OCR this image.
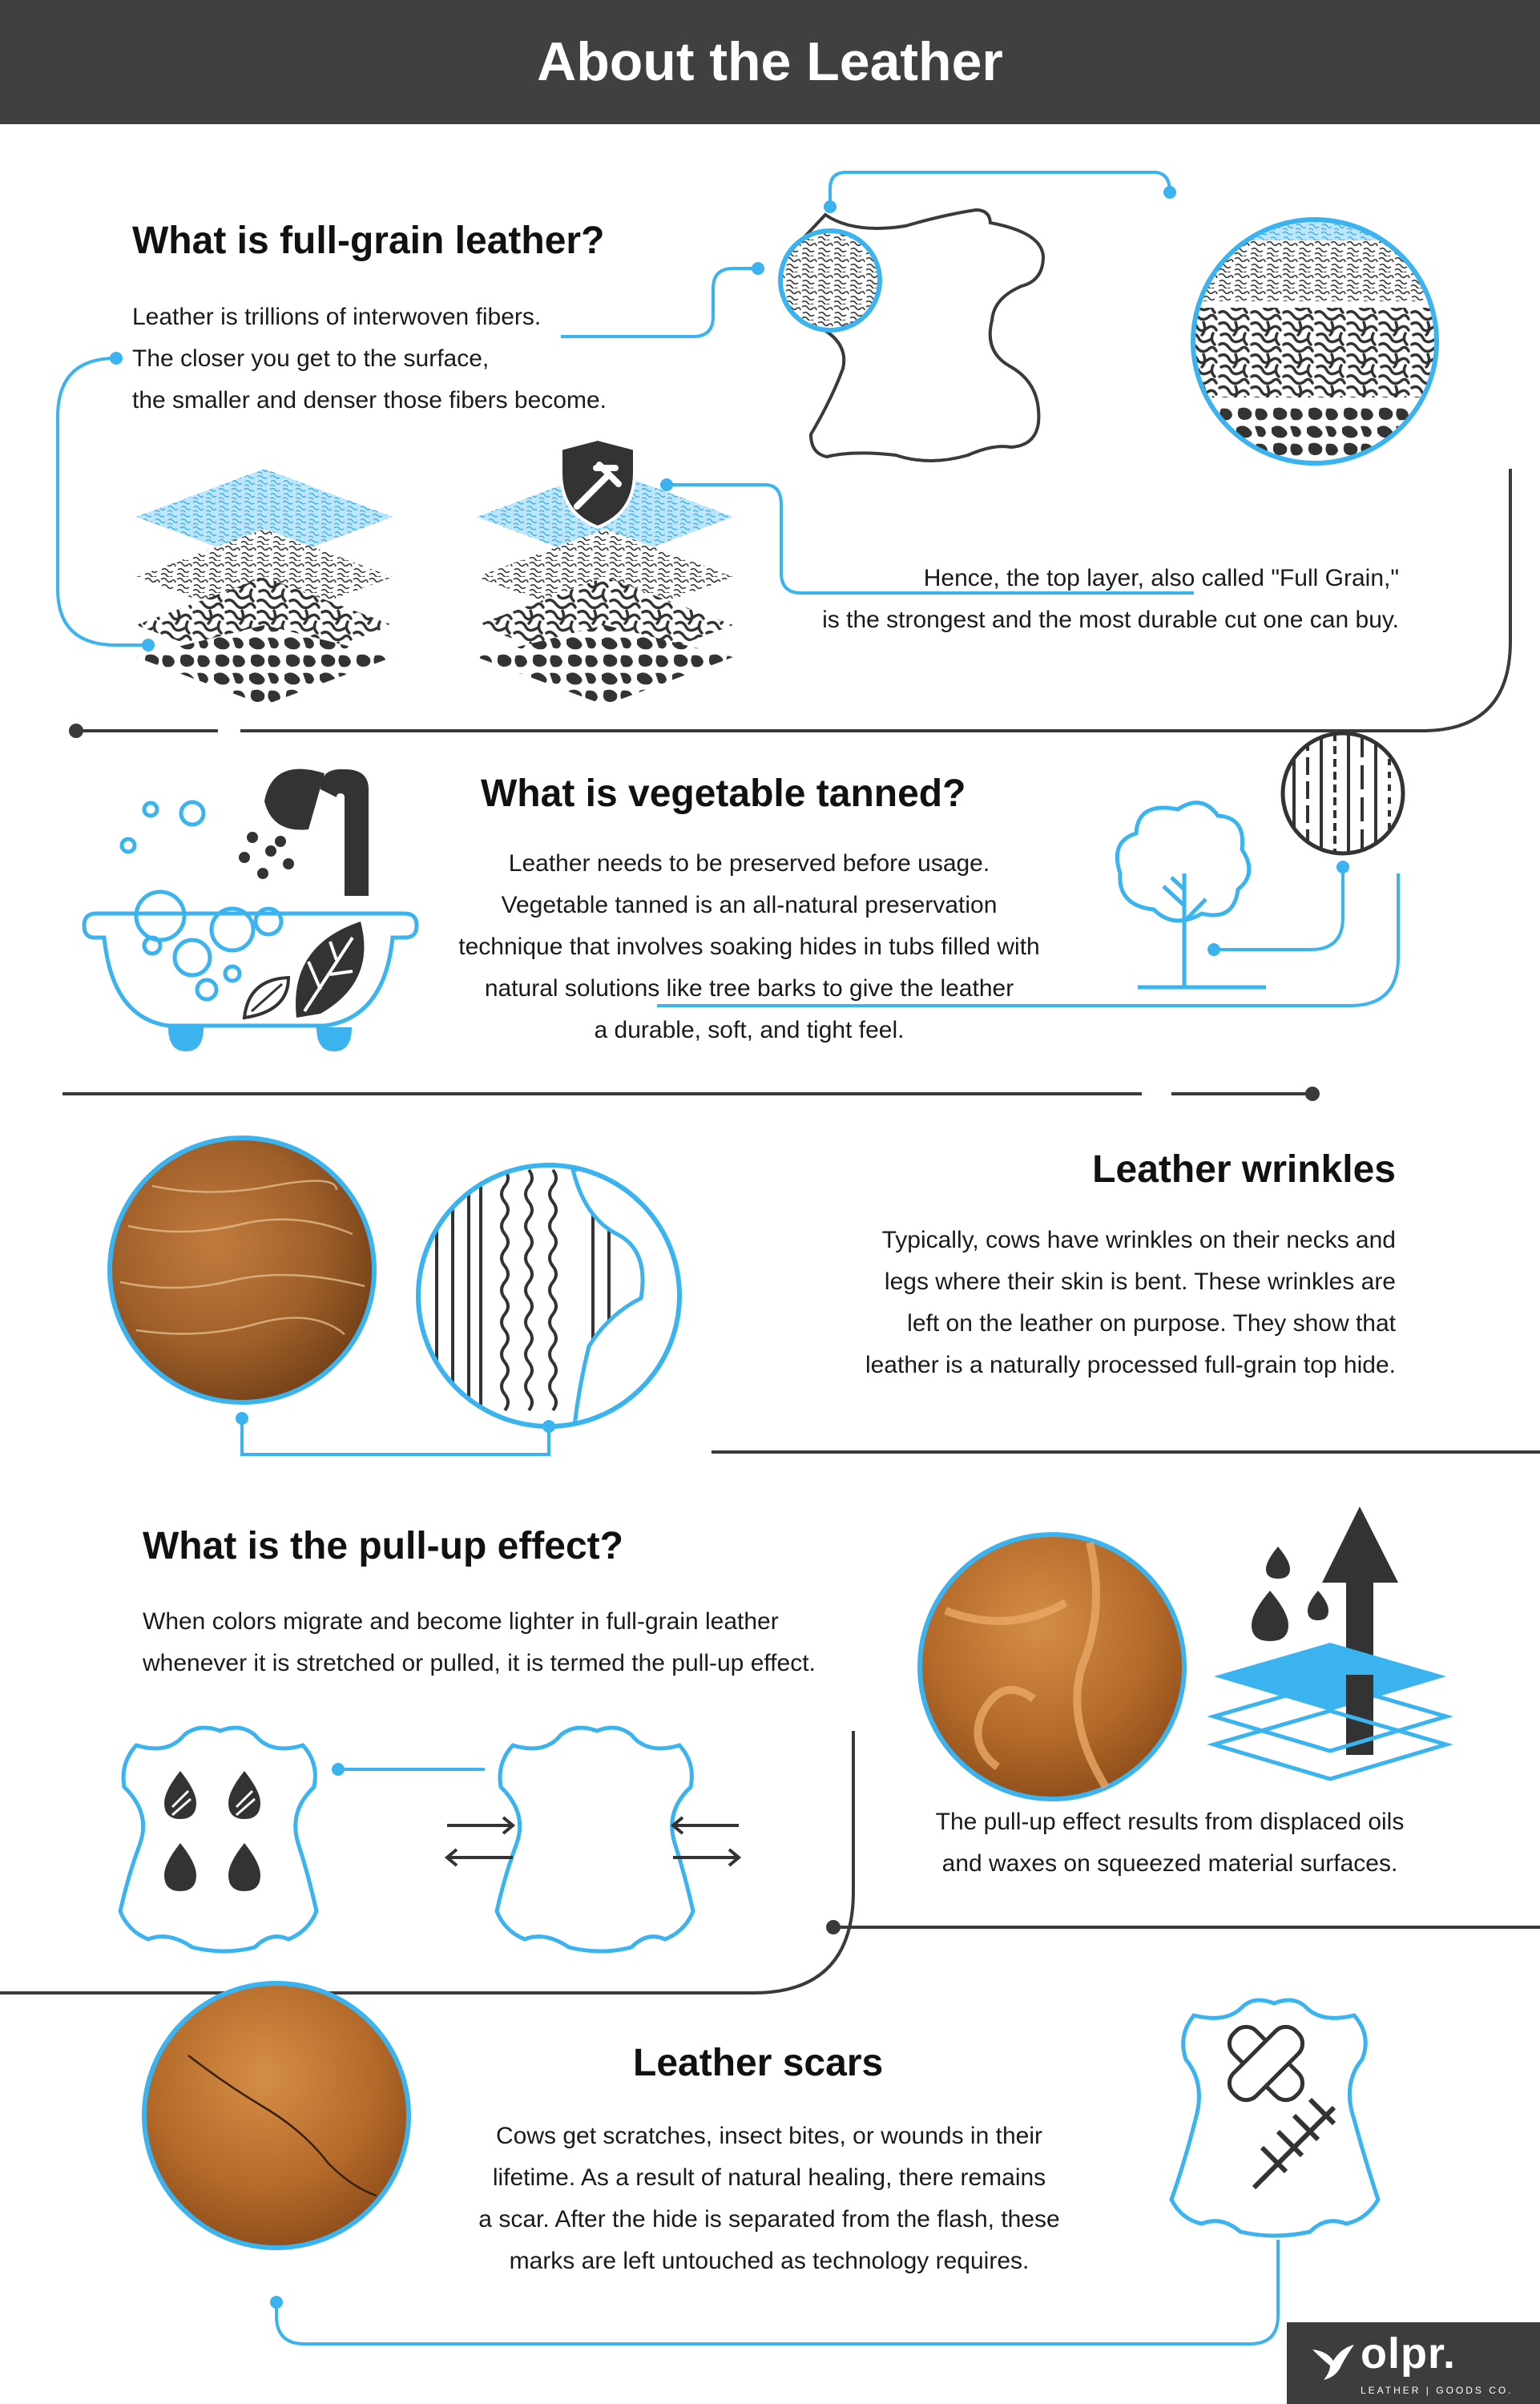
About the Leather
What is full-grain leather?

Leather is trillions of interwoven fibers.

The closer you get to the surface,

the smaller and denser those fibers become.

Hence, the top layer, also called "Full Grain,"

is the strongest and the most durable cut one can buy.

What is vegetable tanned?

Leather needs to be preserved before usage.

Vegetable tanned is an all-natural preservation

technique that involves soaking hides in tubs filled with

natural solutions like tree barks to give the leather

a durable, soft, and tight feel.

Leather wrinkles

Typically, cows have wrinkles on their necks and

legs where their skin is bent. These wrinkles are

left on the leather on purpose. They show that

leather is a naturally processed full-grain top hide.

What is the pull-up effect?

When colors migrate and become lighter in full-grain leather

whenever it is stretched or pulled, it is termed the pull-up effect.

The pull-up effect results from displaced oils

and waxes on squeezed material surfaces.

Leather scars

Cows get scratches, insect bites, or wounds in their

lifetime. As a result of natural healing, there remains

a scar. After the hide is separated from the flash, these

marks are left untouched as technology requires.

olpr.
LEATHER | GOODS CO.
